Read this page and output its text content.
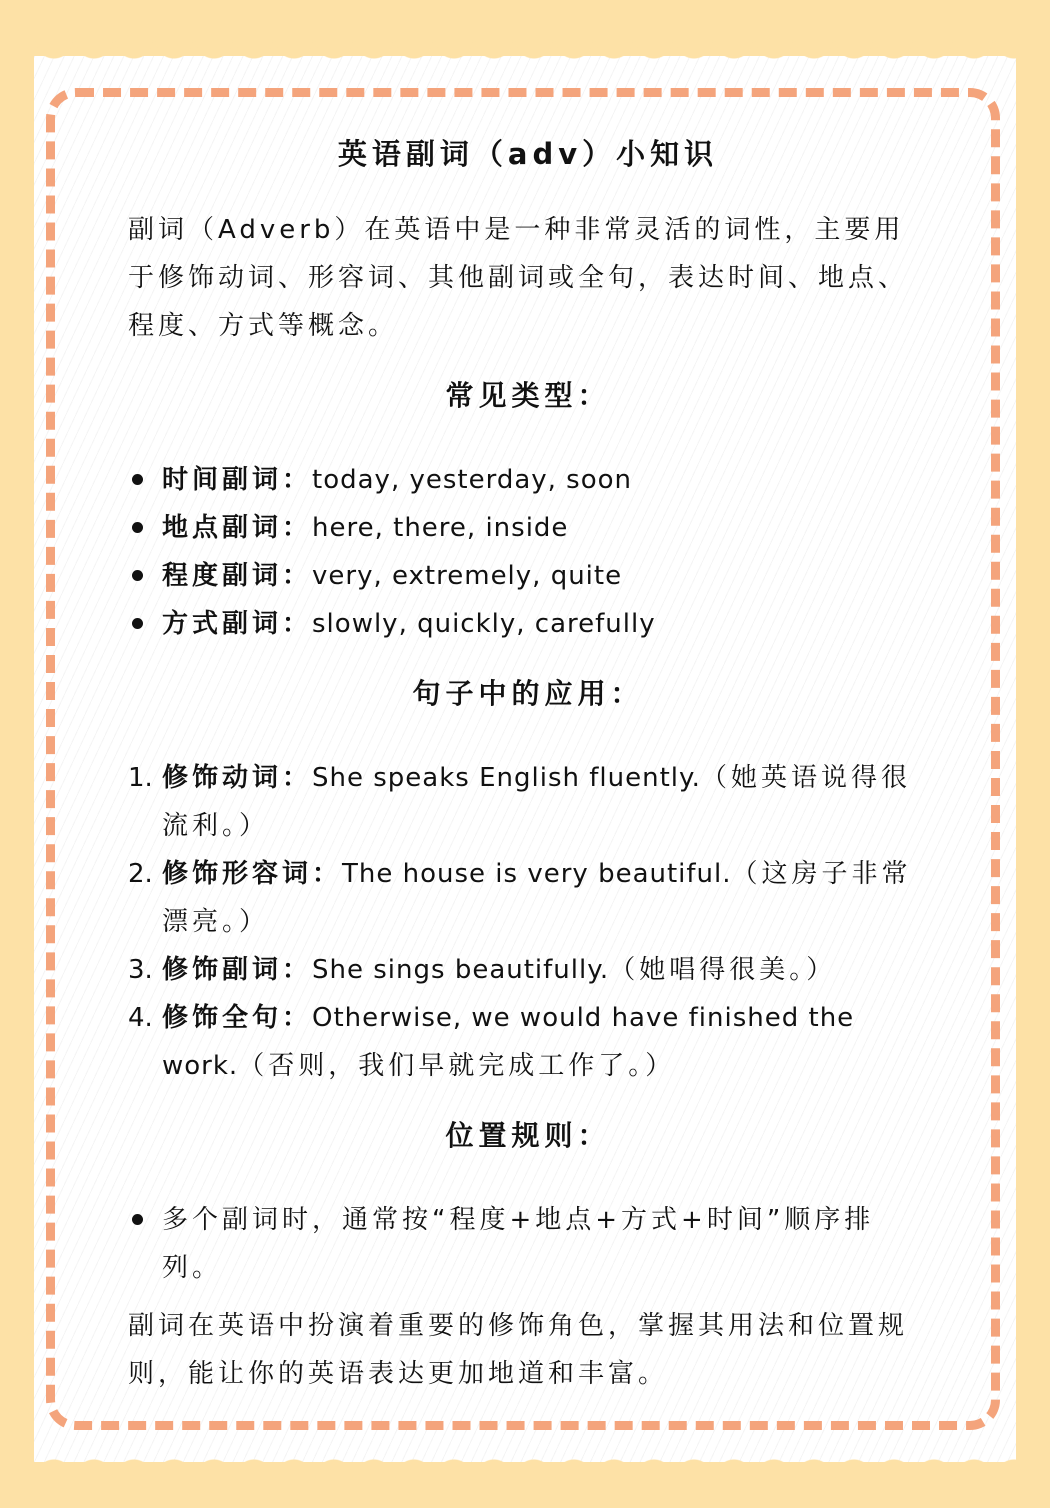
英语副词（adv）小知识

副词（Adverb）在英语中是一种非常灵活的词性，主要用于修饰动词、形容词、其他副词或全句，表达时间、地点、程度、方式等概念。

常见类型：
时间副词：today, yesterday, soon
地点副词：here, there, inside
程度副词：very, extremely, quite
方式副词：slowly, quickly, carefully
句子中的应用：
1. 修饰动词：She speaks English fluently.（她英语说得很流利。）
2. 修饰形容词：The house is very beautiful.（这房子非常漂亮。）
3. 修饰副词：She sings beautifully.（她唱得很美。）
4. 修饰全句：Otherwise, we would have finished the work.（否则，我们早就完成工作了。）
位置规则：
多个副词时，通常按“程度+地点+方式+时间”顺序排列。

副词在英语中扮演着重要的修饰角色，掌握其用法和位置规则，能让你的英语表达更加地道和丰富。
